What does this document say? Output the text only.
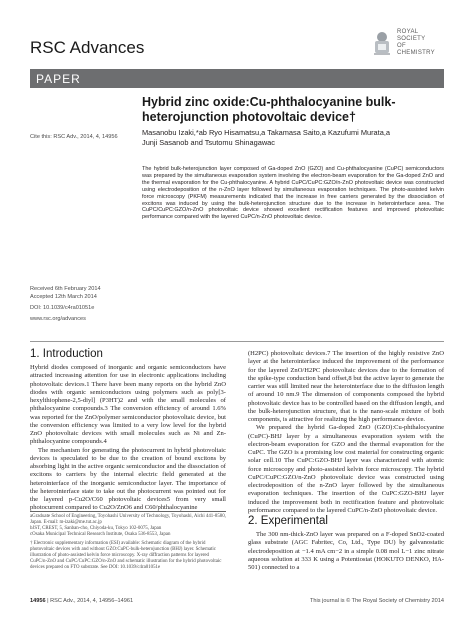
RSC Advances
ROYAL SOCIETY
OF CHEMISTRY
PAPER
Cite this: RSC Adv., 2014, 4, 14956
Received 6th February 2014
Accepted 12th March 2014
DOI: 10.1039/c4ra01051e
www.rsc.org/advances
Hybrid zinc oxide:Cu-phthalocyanine bulk-
heterojunction photovoltaic device†
Masanobu Izaki,*ab Ryo Hisamatsu,a Takamasa Saito,a Kazufumi Murata,a
Junji Sasanob and Tsutomu Shinagawac
The hybrid bulk-heterojunction layer composed of Ga-doped ZnO (GZO) and Cu-phthalocyanine (CuPC) semiconductors was prepared by the simultaneous evaporation system involving the electron-beam evaporation for the Ga-doped ZnO and the thermal evaporation for the Cu-phthalocyanine. A hybrid CuPC/CuPC:GZO/n-ZnO photovoltaic device was constructed using electrodeposition of the n-ZnO layer followed by simultaneous evaporation techniques. The photo-assisted kelvin force microscopy (PKFM) measurements indicated that the increase in free carriers generated by the dissociation of excitons was induced by using the bulk-heterojunction structure due to the increase in heterointerface area. The CuPC/CuPC:GZO/n-ZnO photovoltaic device showed excellent rectification features and improved photovoltaic performance compared with the layered CuPC/n-ZnO photovoltaic device.
1. Introduction

Hybrid diodes composed of inorganic and organic semiconductors have attracted increasing attention for use in electronic applications including photovoltaic devices.1 There have been many reports on the hybrid ZnO diodes with organic semiconductors using polymers such as poly[3-hexylthiophene-2,5-diyl] (P3HT)2 and with the small molecules of phthalocyanine compounds.3 The conversion efficiency of around 1.6% was reported for the ZnO/polymer semiconductor photovoltaic device, but the conversion efficiency was limited to a very low level for the hybrid ZnO photovoltaic devices with small molecules such as Ni and Zn-phthalocyanine compounds.4

The mechanism for generating the photocurrent in hybrid photovoltaic devices is speculated to be due to the creation of bound excitons by absorbing light in the active organic semiconductor and the dissociation of excitons to carriers by the internal electric field generated at the heterointerface of the inorganic semiconductor layer. The importance of the heterointerface state to take out the photocurrent was pointed out for the layered p-Cu2O/C60 photovoltaic devices5 from very small photocurrent compared to Cu2O/ZnO6 and C60/phthalocyanine

aGraduate School of Engineering, Toyohashi University of Technology, Toyohashi, Aichi 441-8580, Japan. E-mail: m-izaki@me.tut.ac.jp
bJST, CREST, 5, Sanban-cho, Chiyoda-ku, Tokyo 102-0075, Japan
cOsaka Municipal Technical Research Institute, Osaka 536-8553, Japan
† Electronic supplementary information (ESI) available: Schematic diagram of the hybrid photovoltaic devices with and without GZO:CuPC-bulk-heterojunction (BHJ) layer. Schematic illustration of photo-assisted kelvin force microscopy. X-ray diffraction patterns for layered CuPC/n-ZnO and CuPC/CuPC:GZO/n-ZnO and schematic illustration for the hybrid photovoltaic devices prepared on FTO substrate. See DOI: 10.1039/c4ra01051e

(H2PC) photovoltaic devices.7 The insertion of the highly resistive ZnO layer at the heterointerface induced the improvement of the performance for the layered ZnO/H2PC photovoltaic devices due to the formation of the spike-type conduction band offset,8 but the active layer to generate the carrier was still limited near the heterointerface due to the diffusion length of around 10 nm.9 The dimension of components composed the hybrid photovoltaic device has to be controlled based on the diffusion length, and the bulk-heterojunction structure, that is the nano-scale mixture of both components, is attractive for realizing the high performance device.

We prepared the hybrid Ga-doped ZnO (GZO):Cu-phthalocyanine (CuPC)-BHJ layer by a simultaneous evaporation system with the electron-beam evaporation for GZO and the thermal evaporation for the CuPC. The GZO is a promising low cost material for constructing organic solar cell.10 The CuPC:GZO-BHJ layer was characterized with atomic force microscopy and photo-assisted kelvin force microscopy. The hybrid CuPC/CuPC:GZO/n-ZnO photovoltaic device was constructed using electrodeposition of the n-ZnO layer followed by the simultaneous evaporation techniques. The insertion of the CuPC:GZO-BHJ layer induced the improvement both in rectification feature and photovoltaic performance compared to the layered CuPC/n-ZnO photovoltaic device.

2. Experimental

The 300 nm-thick-ZnO layer was prepared on a F-doped SnO2-coated glass substrate (AGC Fabritec, Co, Ltd., Type DU) by galvanostatic electrodeposition at −1.4 mA cm−2 in a simple 0.08 mol L−1 zinc nitrate aqueous solution at 333 K using a Potentiostat (HOKUTO DENKO, HA-501) connected to a

14956 | RSC Adv., 2014, 4, 14956–14961	This journal is © The Royal Society of Chemistry 2014
